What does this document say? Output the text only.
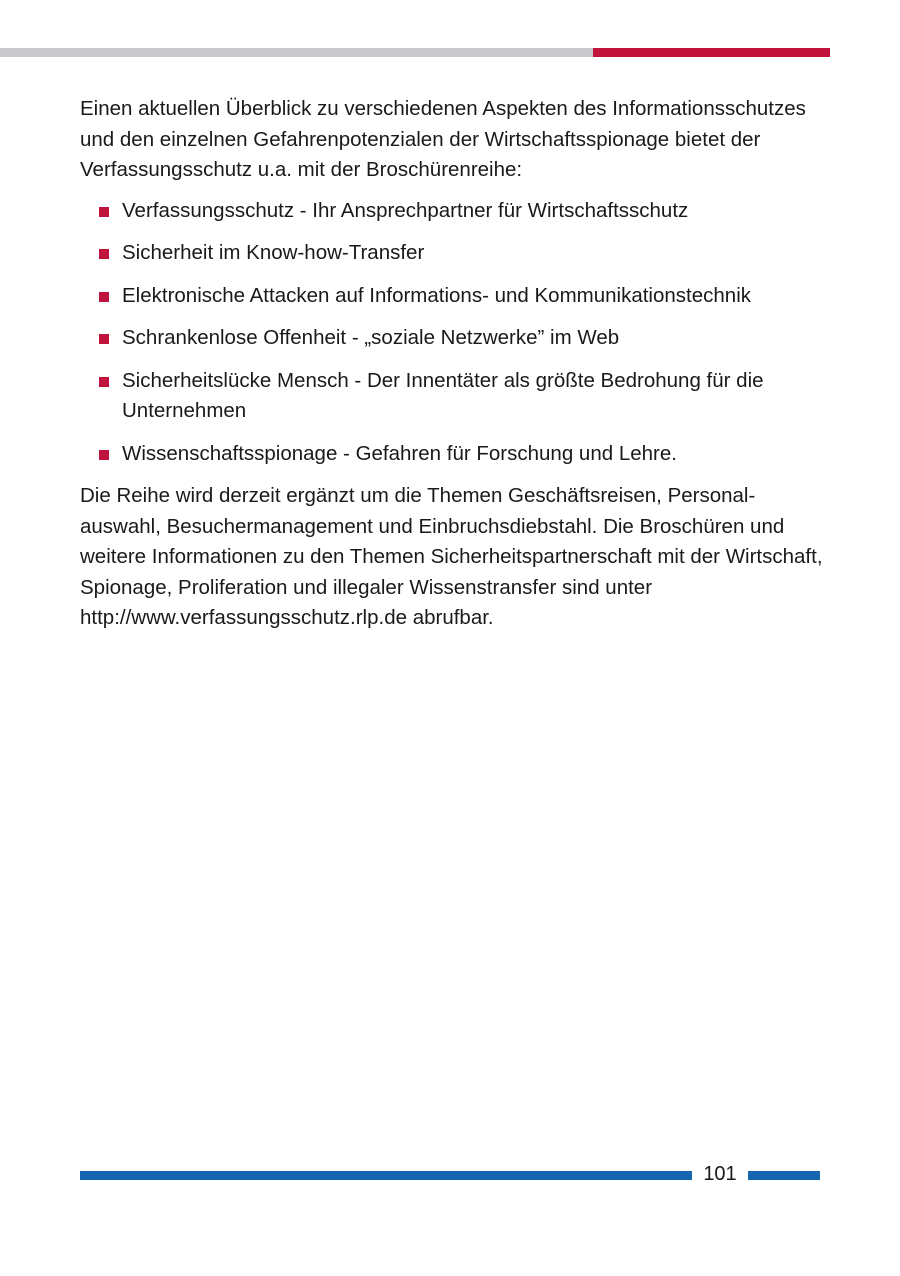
Einen aktuellen Überblick zu verschiedenen Aspekten des Informationsschutzes und den einzelnen Gefahrenpotenzialen der Wirtschaftsspionage bietet der Verfassungsschutz u.a. mit der Broschürenreihe:

Verfassungsschutz - Ihr Ansprechpartner für Wirtschaftsschutz
Sicherheit im Know-how-Transfer
Elektronische Attacken auf Informations- und Kommunikationstechnik
Schrankenlose Offenheit - „soziale Netzwerke” im Web
Sicherheitslücke Mensch - Der Innentäter als größte Bedrohung für die Unternehmen
Wissenschaftsspionage - Gefahren für Forschung und Lehre.

Die Reihe wird derzeit ergänzt um die Themen Geschäftsreisen, Personalauswahl, Besuchermanagement und Einbruchsdiebstahl. Die Broschüren und weitere Informationen zu den Themen Sicherheitspartnerschaft mit der Wirtschaft, Spionage, Proliferation und illegaler Wissenstransfer sind unter http://www.verfassungsschutz.rlp.de abrufbar.

101
